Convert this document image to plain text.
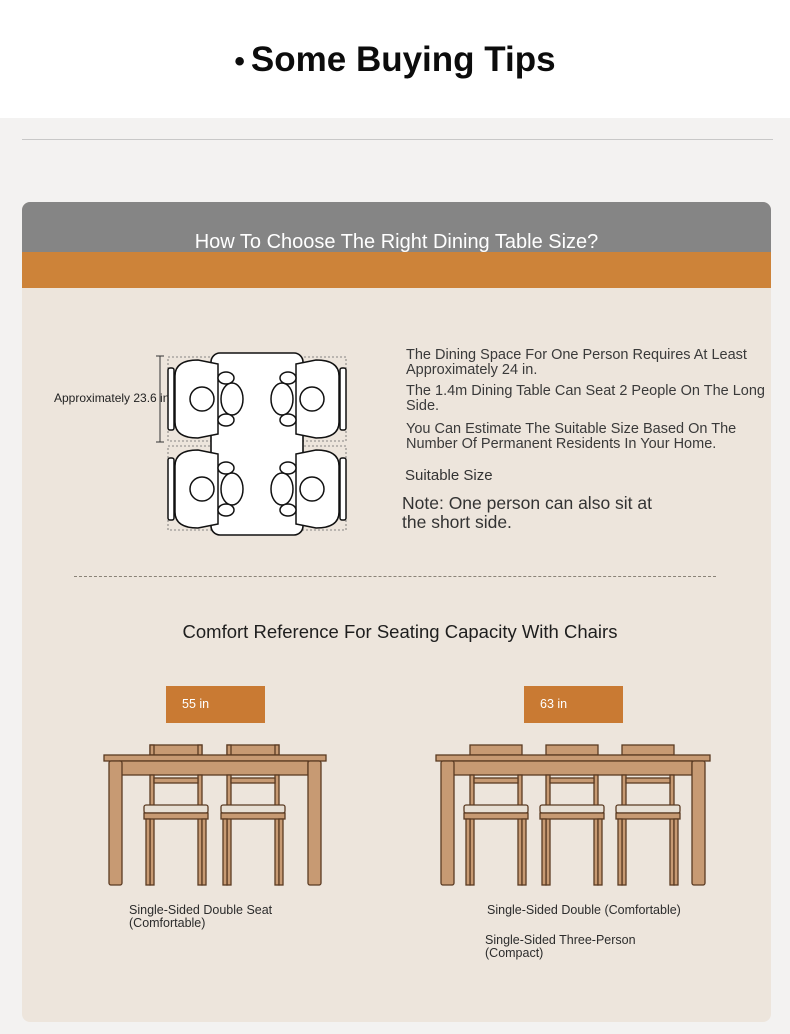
• Some Buying Tips
How To Choose The Right Dining Table Size?
Approximately 23.6 in

The Dining Space For One Person Requires At Least Approximately 24 in.

The 1.4m Dining Table Can Seat 2 People On The Long Side.

You Can Estimate The Suitable Size Based On The Number Of Permanent Residents In Your Home.

Suitable Size
Note: One person can also sit at the short side.
Comfort Reference For Seating Capacity With Chairs
55 in	63 in
Single-Sided Double Seat (Comfortable)
Single-Sided Double (Comfortable)
Single-Sided Three-Person (Compact)
